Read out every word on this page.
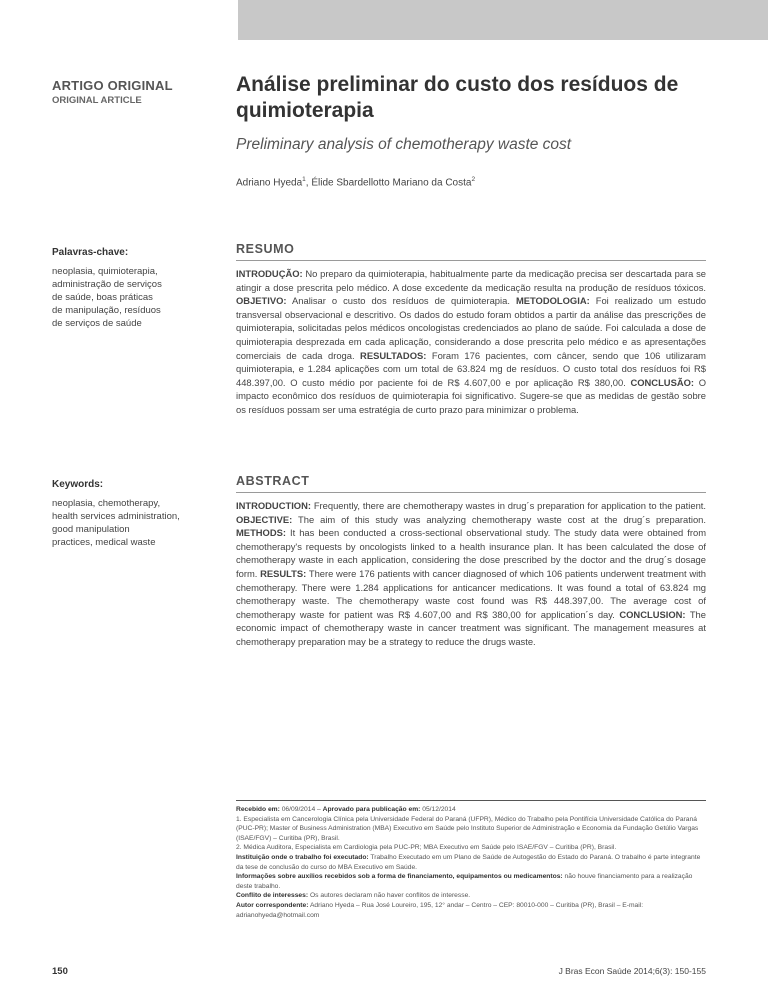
ARTIGO ORIGINAL
ORIGINAL ARTICLE
Análise preliminar do custo dos resíduos de quimioterapia
Preliminary analysis of chemotherapy waste cost
Adriano Hyeda$^1$, Élide Sbardellotto Mariano da Costa$^2$
Palavras-chave:
neoplasia, quimioterapia,
administração de serviços
de saúde, boas práticas
de manipulação, resíduos
de serviços de saúde
RESUMO

INTRODUÇÃO: No preparo da quimioterapia, habitualmente parte da medicação precisa ser descartada para se atingir a dose prescrita pelo médico. A dose excedente da medicação resulta na produção de resíduos tóxicos. OBJETIVO: Analisar o custo dos resíduos de quimioterapia. METODOLOGIA: Foi realizado um estudo transversal observacional e descritivo. Os dados do estudo foram obtidos a partir da análise das prescrições de quimioterapia, solicitadas pelos médicos oncologistas credenciados ao plano de saúde. Foi calculada a dose de quimioterapia desprezada em cada aplicação, considerando a dose prescrita pelo médico e as apresentações comerciais de cada droga. RESULTADOS: Foram 176 pacientes, com câncer, sendo que 106 utilizaram quimioterapia, e 1.284 aplicações com um total de 63.824 mg de resíduos. O custo total dos resíduos foi R$ 448.397,00. O custo médio por paciente foi de R$ 4.607,00 e por aplicação R$ 380,00. CONCLUSÃO: O impacto econômico dos resíduos de quimioterapia foi significativo. Sugere-se que as medidas de gestão sobre os resíduos possam ser uma estratégia de curto prazo para minimizar o problema.

Keywords:
neoplasia, chemotherapy,
health services administration,
good manipulation
practices, medical waste
ABSTRACT

INTRODUCTION: Frequently, there are chemotherapy wastes in drug´s preparation for application to the patient. OBJECTIVE: The aim of this study was analyzing chemotherapy waste cost at the drug´s preparation. METHODS: It has been conducted a cross-sectional observational study. The study data were obtained from chemotherapy's requests by oncologists linked to a health insurance plan. It has been calculated the dose of chemotherapy waste in each application, considering the dose prescribed by the doctor and the drug´s dosage form. RESULTS: There were 176 patients with cancer diagnosed of which 106 patients underwent treatment with chemotherapy. There were 1.284 applications for anticancer medications. It was found a total of 63.824 mg chemotherapy waste. The chemotherapy waste cost found was R$ 448.397,00. The average cost of chemotherapy waste for patient was R$ 4.607,00 and R$ 380,00 for application´s day. CONCLUSION: The economic impact of chemotherapy waste in cancer treatment was significant. The management measures at chemotherapy preparation may be a strategy to reduce the drugs waste.

Recebido em: 06/09/2014 – Aprovado para publicação em: 05/12/2014

1. Especialista em Cancerologia Clínica pela Universidade Federal do Paraná (UFPR), Médico do Trabalho pela Pontifícia Universidade Católica do Paraná (PUC-PR); Master of Business Administration (MBA) Executivo em Saúde pelo Instituto Superior de Administração e Economia da Fundação Getúlio Vargas (ISAE/FGV) – Curitiba (PR), Brasil.

2. Médica Auditora, Especialista em Cardiologia pela PUC-PR; MBA Executivo em Saúde pelo ISAE/FGV – Curitiba (PR), Brasil.

Instituição onde o trabalho foi executado: Trabalho Executado em um Plano de Saúde de Autogestão do Estado do Paraná. O trabalho é parte integrante da tese de conclusão do curso do MBA Executivo em Saúde.

Informações sobre auxílios recebidos sob a forma de financiamento, equipamentos ou medicamentos: não houve financiamento para a realização deste trabalho.

Conflito de interesses: Os autores declaram não haver conflitos de interesse.

Autor correspondente: Adriano Hyeda – Rua José Loureiro, 195, 12° andar – Centro – CEP: 80010-000 – Curitiba (PR), Brasil – E-mail: adrianohyeda@hotmail.com

150	J Bras Econ Saúde 2014;6(3): 150-155
